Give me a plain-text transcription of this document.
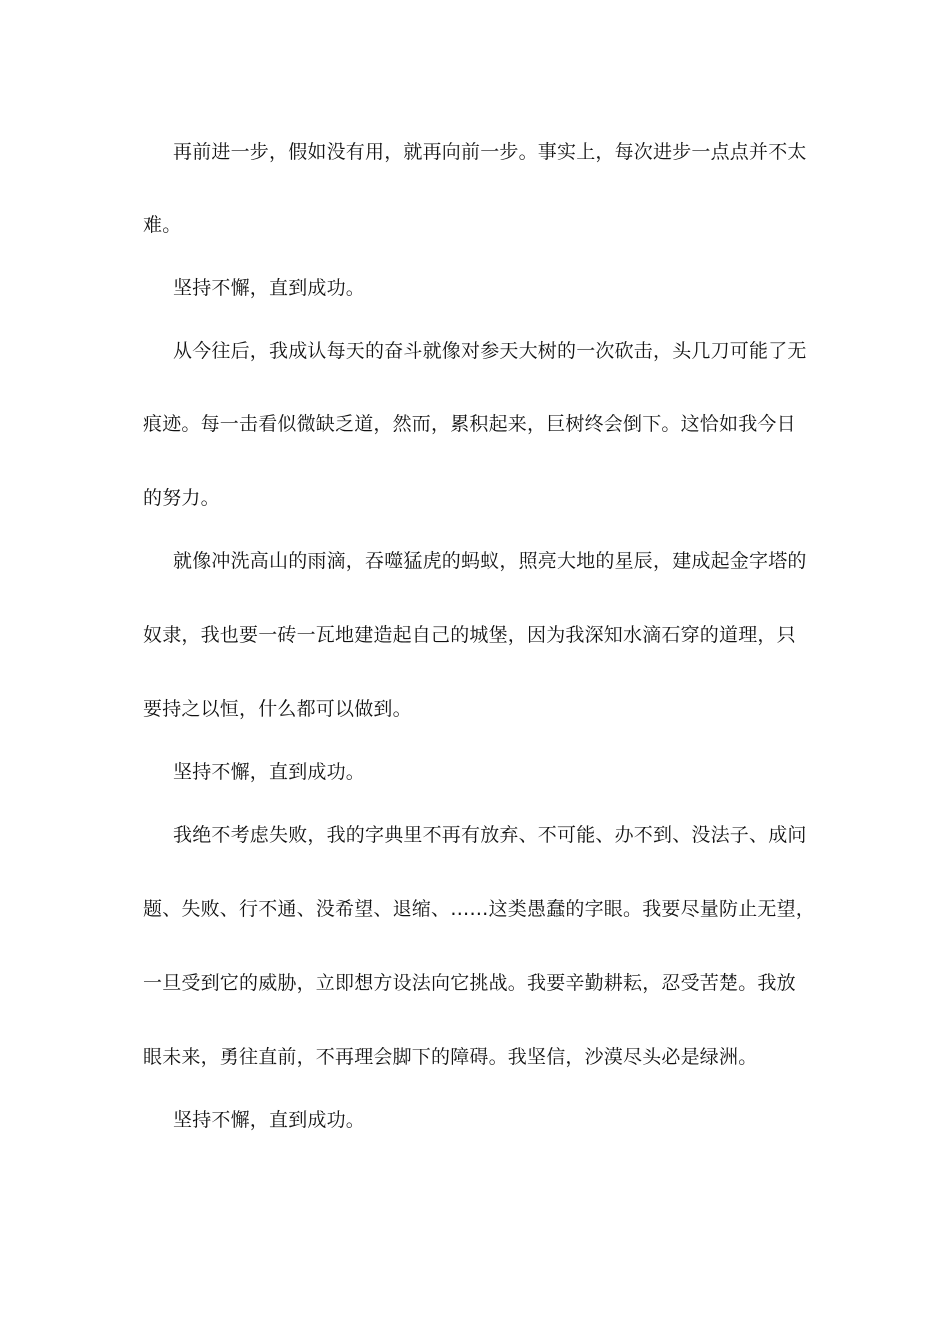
再前进一步，假如没有用，就再向前一步。事实上，每次进步一点点并不太
难。
坚持不懈，直到成功。
从今往后，我成认每天的奋斗就像对参天大树的一次砍击，头几刀可能了无
痕迹。每一击看似微缺乏道，然而，累积起来，巨树终会倒下。这恰如我今日
的努力。
就像冲洗高山的雨滴，吞噬猛虎的蚂蚁，照亮大地的星辰，建成起金字塔的
奴隶，我也要一砖一瓦地建造起自己的城堡，因为我深知水滴石穿的道理，只
要持之以恒，什么都可以做到。
坚持不懈，直到成功。
我绝不考虑失败，我的字典里不再有放弃、不可能、办不到、没法子、成问
题、失败、行不通、没希望、退缩、……这类愚蠢的字眼。我要尽量防止无望，
一旦受到它的威胁，立即想方设法向它挑战。我要辛勤耕耘，忍受苦楚。我放
眼未来，勇往直前，不再理会脚下的障碍。我坚信，沙漠尽头必是绿洲。
坚持不懈，直到成功。
